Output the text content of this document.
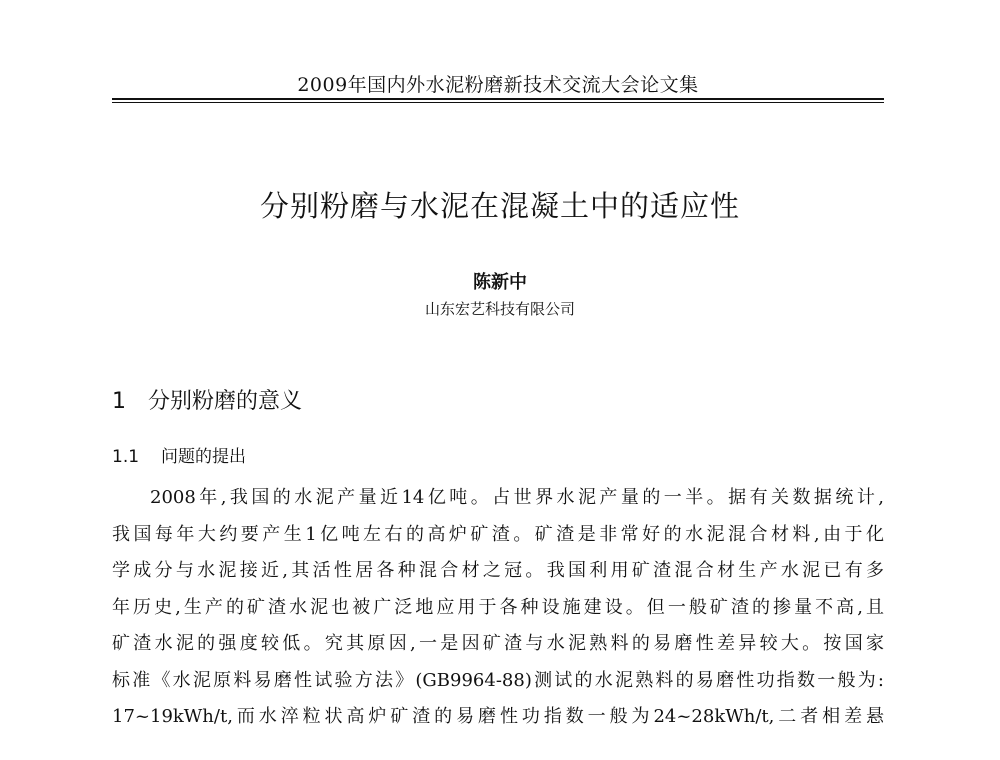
2009年国内外水泥粉磨新技术交流大会论文集
分别粉磨与水泥在混凝土中的适应性
陈新中
山东宏艺科技有限公司
1 分别粉磨的意义
1.1 问题的提出
2008年,我国的水泥产量近14亿吨。占世界水泥产量的一半。据有关数据统计,
我国每年大约要产生1亿吨左右的高炉矿渣。矿渣是非常好的水泥混合材料,由于化
学成分与水泥接近,其活性居各种混合材之冠。我国利用矿渣混合材生产水泥已有多
年历史,生产的矿渣水泥也被广泛地应用于各种设施建设。但一般矿渣的掺量不高,且
矿渣水泥的强度较低。究其原因,一是因矿渣与水泥熟料的易磨性差异较大。按国家
标准《水泥原料易磨性试验方法》(GB9964-88)测试的水泥熟料的易磨性功指数一般为:
17~19kWh/t,而水淬粒状高炉矿渣的易磨性功指数一般为24~28kWh/t,二者相差悬
